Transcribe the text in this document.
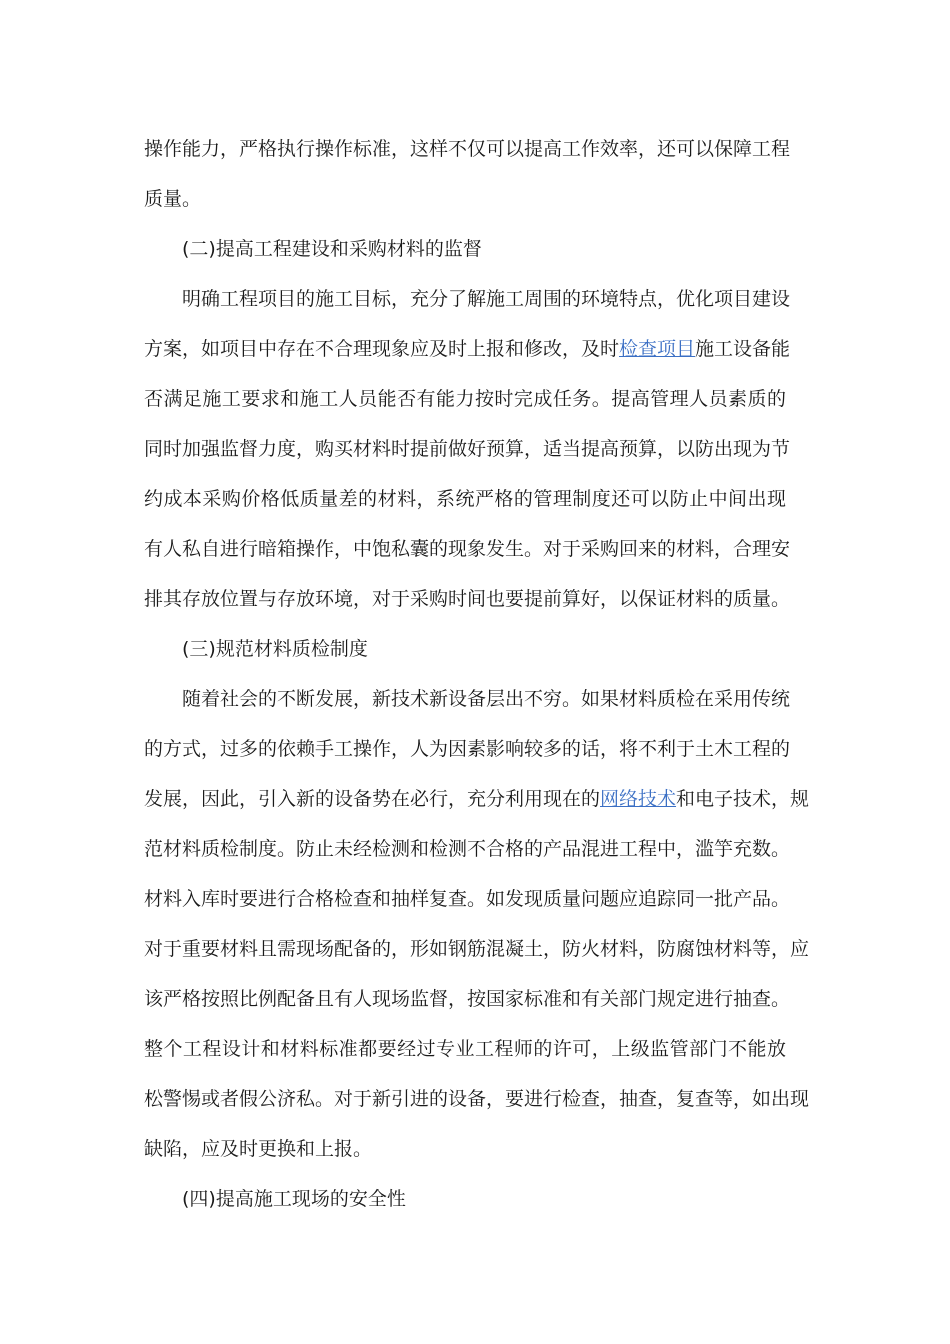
操作能力，严格执行操作标准，这样不仅可以提高工作效率，还可以保障工程
质量。
(二)提高工程建设和采购材料的监督
明确工程项目的施工目标，充分了解施工周围的环境特点，优化项目建设
方案，如项目中存在不合理现象应及时上报和修改，及时检查项目施工设备能
否满足施工要求和施工人员能否有能力按时完成任务。提高管理人员素质的
同时加强监督力度，购买材料时提前做好预算，适当提高预算，以防出现为节
约成本采购价格低质量差的材料，系统严格的管理制度还可以防止中间出现
有人私自进行暗箱操作，中饱私囊的现象发生。对于采购回来的材料，合理安
排其存放位置与存放环境，对于采购时间也要提前算好，以保证材料的质量。
(三)规范材料质检制度
随着社会的不断发展，新技术新设备层出不穷。如果材料质检在采用传统
的方式，过多的依赖手工操作，人为因素影响较多的话，将不利于土木工程的
发展，因此，引入新的设备势在必行，充分利用现在的网络技术和电子技术，规
范材料质检制度。防止未经检测和检测不合格的产品混进工程中，滥竽充数。
材料入库时要进行合格检查和抽样复查。如发现质量问题应追踪同一批产品。
对于重要材料且需现场配备的，形如钢筋混凝土，防火材料，防腐蚀材料等，应
该严格按照比例配备且有人现场监督，按国家标准和有关部门规定进行抽查。
整个工程设计和材料标准都要经过专业工程师的许可，上级监管部门不能放
松警惕或者假公济私。对于新引进的设备，要进行检查，抽查，复查等，如出现
缺陷，应及时更换和上报。
(四)提高施工现场的安全性
